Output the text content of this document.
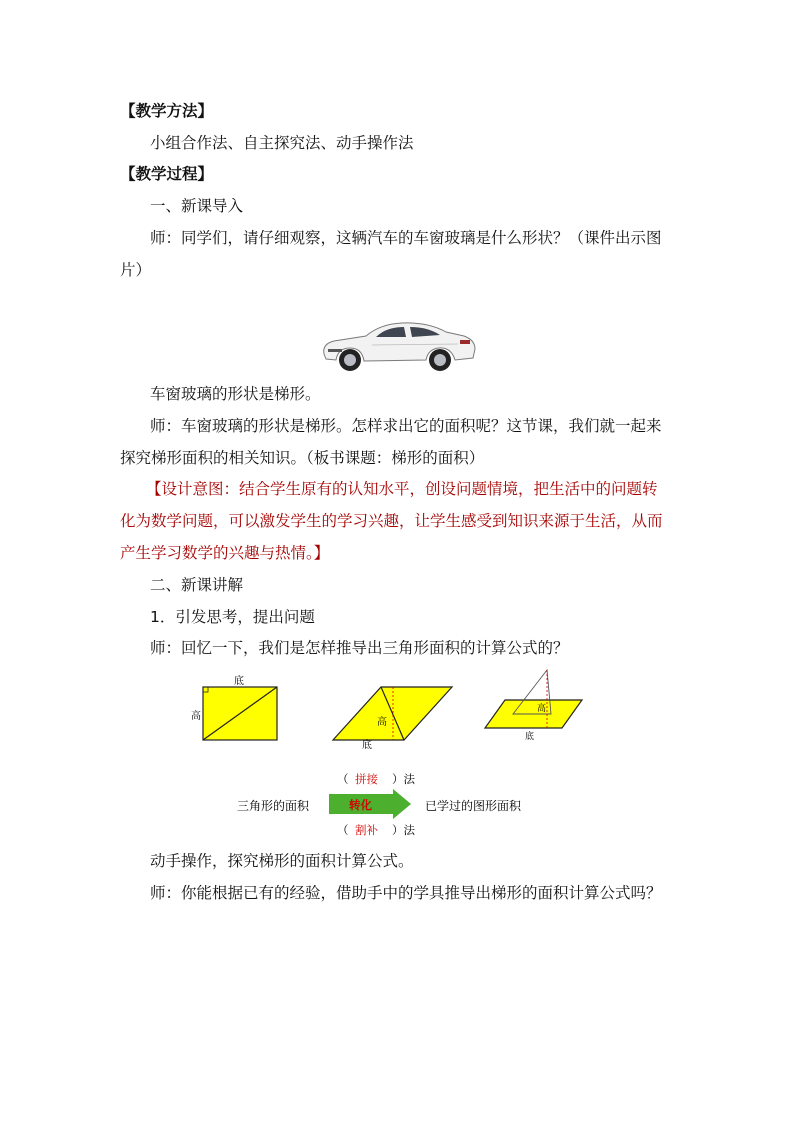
【教学方法】
小组合作法、自主探究法、动手操作法
【教学过程】
一、新课导入
师：同学们，请仔细观察，这辆汽车的车窗玻璃是什么形状？（课件出示图
片）
车窗玻璃的形状是梯形。
师：车窗玻璃的形状是梯形。怎样求出它的面积呢？这节课，我们就一起来
探究梯形面积的相关知识。（板书课题：梯形的面积）
【设计意图：结合学生原有的认知水平，创设问题情境，把生活中的问题转
化为数学问题，可以激发学生的学习兴趣，让学生感受到知识来源于生活，从而
产生学习数学的兴趣与热情。】
二、新课讲解
1．引发思考，提出问题
师：回忆一下，我们是怎样推导出三角形面积的计算公式的？
底
高
高
底
高
底
（ 拼接 ）法
三角形的面积	转化	已学过的图形面积
（ 割补 ）法
动手操作，探究梯形的面积计算公式。
师：你能根据已有的经验，借助手中的学具推导出梯形的面积计算公式吗？
